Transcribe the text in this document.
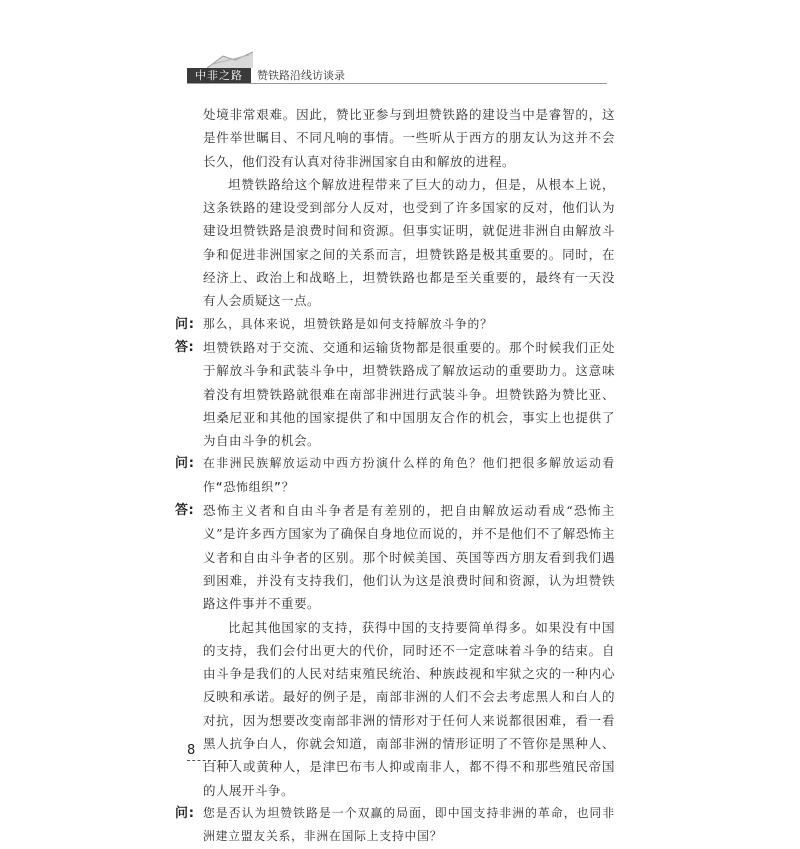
中非之路	赞铁路沿线访谈录

处境非常艰难。因此，赞比亚参与到坦赞铁路的建设当中是睿智的，这是件举世瞩目、不同凡响的事情。一些听从于西方的朋友认为这并不会长久，他们没有认真对待非洲国家自由和解放的进程。

坦赞铁路给这个解放进程带来了巨大的动力，但是，从根本上说，这条铁路的建设受到部分人反对，也受到了许多国家的反对，他们认为建设坦赞铁路是浪费时间和资源。但事实证明，就促进非洲自由解放斗争和促进非洲国家之间的关系而言，坦赞铁路是极其重要的。同时，在经济上、政治上和战略上，坦赞铁路也都是至关重要的，最终有一天没有人会质疑这一点。

问: 那么，具体来说，坦赞铁路是如何支持解放斗争的？

答: 坦赞铁路对于交流、交通和运输货物都是很重要的。那个时候我们正处于解放斗争和武装斗争中，坦赞铁路成了解放运动的重要助力。这意味着没有坦赞铁路就很难在南部非洲进行武装斗争。坦赞铁路为赞比亚、坦桑尼亚和其他的国家提供了和中国朋友合作的机会，事实上也提供了为自由斗争的机会。

问: 在非洲民族解放运动中西方扮演什么样的角色？他们把很多解放运动看作“恐怖组织”？

答: 恐怖主义者和自由斗争者是有差别的，把自由解放运动看成“恐怖主义”是许多西方国家为了确保自身地位而说的，并不是他们不了解恐怖主义者和自由斗争者的区别。那个时候美国、英国等西方朋友看到我们遇到困难，并没有支持我们，他们认为这是浪费时间和资源，认为坦赞铁路这件事并不重要。

比起其他国家的支持，获得中国的支持要简单得多。如果没有中国的支持，我们会付出更大的代价，同时还不一定意味着斗争的结束。自由斗争是我们的人民对结束殖民统治、种族歧视和牢狱之灾的一种内心反映和承诺。最好的例子是，南部非洲的人们不会去考虑黑人和白人的对抗，因为想要改变南部非洲的情形对于任何人来说都很困难，看一看黑人抗争白人，你就会知道，南部非洲的情形证明了不管你是黑种人、白种人或黄种人，是津巴布韦人抑或南非人，都不得不和那些殖民帝国的人展开斗争。

问: 您是否认为坦赞铁路是一个双赢的局面，即中国支持非洲的革命，也同非洲建立盟友关系，非洲在国际上支持中国？

8
